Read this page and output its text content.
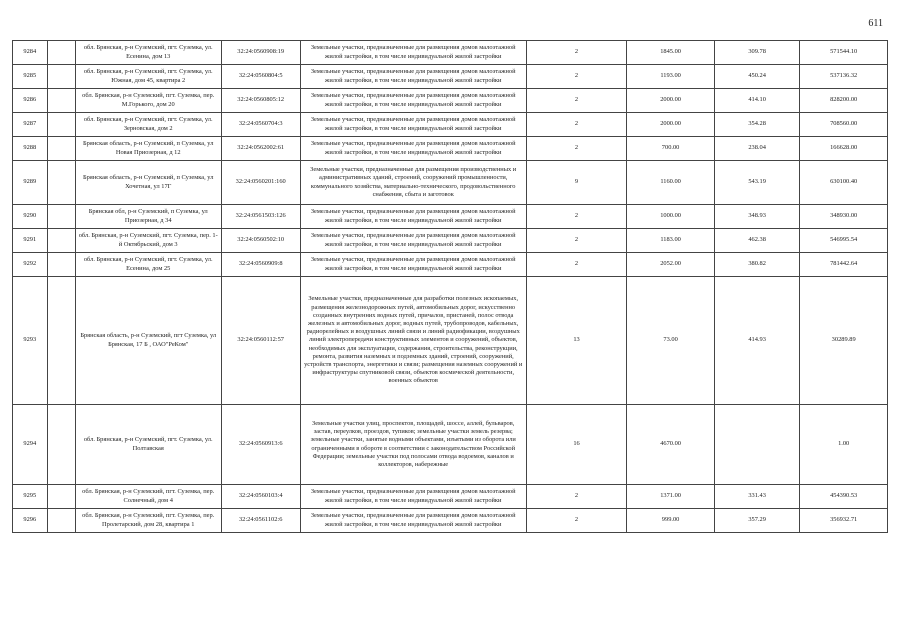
611
9284		обл. Брянская, р-н Суземский, пгт. Суземка, ул. Есенина, дом 13	32:24:0560908:19	Земельные участки, предназначенные для размещения домов малоэтажной жилой застройки, в том числе индивидуальной жилой застройки	2	1845.00	309.78	571544.10
9285		обл. Брянская, р-н Суземский, пгт. Суземка, ул. Южная, дом 45, квартира 2	32:24:0560804:5	Земельные участки, предназначенные для размещения домов малоэтажной жилой застройки, в том числе индивидуальной жилой застройки	2	1193.00	450.24	537136.32
9286		обл. Брянская, р-н Суземский, пгт. Суземка, пер. М.Горького, дом 20	32:24:0560805:12	Земельные участки, предназначенные для размещения домов малоэтажной жилой застройки, в том числе индивидуальной жилой застройки	2	2000.00	414.10	828200.00
9287		обл. Брянская, р-н Суземский, пгт. Суземка, ул. Зерновская, дом 2	32:24:0560704:3	Земельные участки, предназначенные для размещения домов малоэтажной жилой застройки, в том числе индивидуальной жилой застройки	2	2000.00	354.28	708560.00
9288		Брянская область, р-н Суземский, п Суземка, ул Новая Приозерная, д 12	32:24:0562002:61	Земельные участки, предназначенные для размещения домов малоэтажной жилой застройки, в том числе индивидуальной жилой застройки	2	700.00	238.04	166628.00
9289		Брянская область, р-н Суземский, п Суземка, ул Хочетная, ул 17Г	32:24:0560201:160	Земельные участки, предназначенные для размещения производственных и административных зданий, строений, сооружений промышленности, коммунального хозяйства, материально-технического, продовольственного снабжения, сбыта и заготовок	9	1160.00	543.19	630100.40
9290		Брянская обл, р-н Суземский, п Суземка, ул Приозерная, д 34	32:24:0561503:126	Земельные участки, предназначенные для размещения домов малоэтажной жилой застройки, в том числе индивидуальной жилой застройки	2	1000.00	348.93	348930.00
9291		обл. Брянская, р-н Суземский, пгт. Суземка, пер. 1-й Октябрьский, дом 3	32:24:0560502:10	Земельные участки, предназначенные для размещения домов малоэтажной жилой застройки, в том числе индивидуальной жилой застройки	2	1183.00	462.38	546995.54
9292		обл. Брянская, р-н Суземский, пгт. Суземка, ул. Есенина, дом 25	32:24:0560909:8	Земельные участки, предназначенные для размещения домов малоэтажной жилой застройки, в том числе индивидуальной жилой застройки	2	2052.00	380.82	781442.64
9293		Брянская область, р-н Суземский, пгт Суземка, ул Брянская, 17 Б , ОАО"РеКом"	32:24:0560112:57	Земельные участки, предназначенные для разработки полезных ископаемых, размещения железнодорожных путей, автомобильных дорог, искусственно созданных внутренних водных путей, причалов, пристаней, полос отвода железных и автомобильных дорог, водных путей, трубопроводов, кабельных, радиорелейных и воздушных линий связи и линий радиофикации, воздушных линий электропередачи конструктивных элементов и сооружений, объектов, необходимых для эксплуатации, содержания, строительства, реконструкции, ремонта, развития наземных и подземных зданий, строений, сооружений, устройств транспорта, энергетики и связи; размещения наземных сооружений и инфраструктуры спутниковой связи, объектов космической деятельности, военных объектов	13	73.00	414.93	30289.89
9294		обл. Брянская, р-н Суземский, пгт. Суземка, ул. Полтавская	32:24:0560913:6	Земельные участки улиц, проспектов, площадей, шоссе, аллей, бульваров, застав, переулков, проездов, тупиков; земельные участки земель резерва; земельные участки, занятые водными объектами, изъятыми из оборота или ограниченными в обороте в соответствии с законодательством Российской Федерации; земельные участки под полосами отвода водоемов, каналов и коллекторов, набережные	16	4670.00		1.00
9295		обл. Брянская, р-н Суземский, пгт. Суземка, пер. Солнечный, дом 4	32:24:0560103:4	Земельные участки, предназначенные для размещения домов малоэтажной жилой застройки, в том числе индивидуальной жилой застройки	2	1371.00	331.43	454390.53
9296		обл. Брянская, р-н Суземский, пгт. Суземка, пер. Пролетарский, дом 28, квартира 1	32:24:0561102:6	Земельные участки, предназначенные для размещения домов малоэтажной жилой застройки, в том числе индивидуальной жилой застройки	2	999.00	357.29	356932.71
